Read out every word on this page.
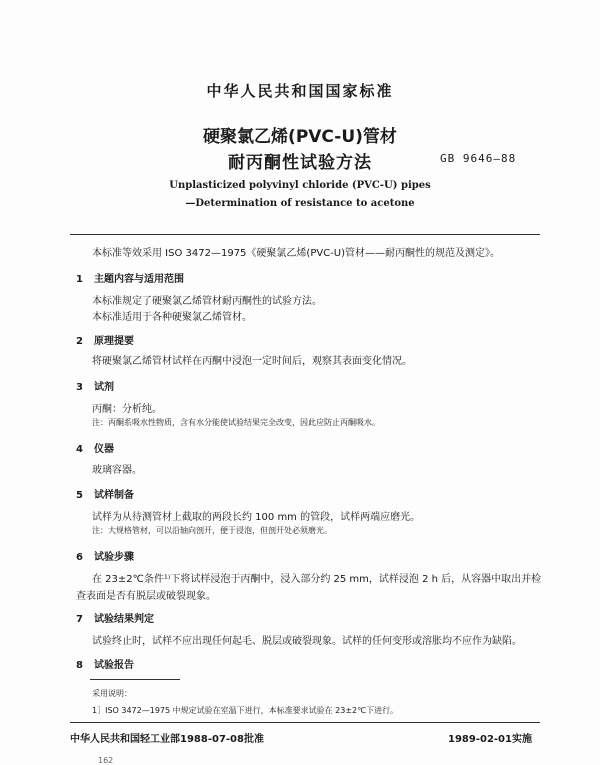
中华人民共和国国家标准
硬聚氯乙烯(PVC-U)管材
耐丙酮性试验方法	GB 9646—88
Unplasticized polyvinyl chloride (PVC-U) pipes
—Determination of resistance to acetone
本标准等效采用 ISO 3472—1975《硬聚氯乙烯(PVC-U)管材——耐丙酮性的规范及测定》。
1 主题内容与适用范围
本标准规定了硬聚氯乙烯管材耐丙酮性的试验方法。
本标准适用于各种硬聚氯乙烯管材。
2 原理提要
将硬聚氯乙烯管材试样在丙酮中浸泡一定时间后，观察其表面变化情况。
3 试剂
丙酮：分析纯。
注：丙酮系吸水性物质，含有水分能使试验结果完全改变，因此应防止丙酮吸水。
4 仪器
玻璃容器。
5 试样制备
试样为从待测管材上截取的两段长约 100 mm 的管段，试样两端应磨光。
注：大规格管材，可以沿轴向剖开，便于浸泡，但剖开处必须磨光。
6 试验步骤
在 23±2℃条件¹⁾下将试样浸泡于丙酮中，浸入部分约 25 mm，试样浸泡 2 h 后，从容器中取出并检
查表面是否有脱层或破裂现象。
7 试验结果判定
试验终止时，试样不应出现任何起毛、脱层或破裂现象。试样的任何变形或溶胀均不应作为缺陷。
8 试验报告
采用说明：
1］ISO 3472—1975 中规定试验在室温下进行，本标准要求试验在 23±2℃下进行。
中华人民共和国轻工业部1988-07-08批准	1989-02-01实施
162
